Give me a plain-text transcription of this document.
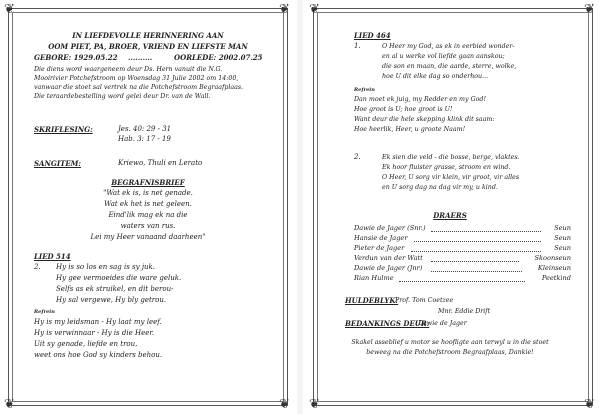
❦	❦
❦	❦
IN LIEFDEVOLLE HERINNERING AAN
OOM PIET, PA, BROER, VRIEND EN LIEFSTE MAN
GEBORE: 1929.05.22 ..........	OORLEDE: 2002.07.25
Die diens word waargeneem deur Ds. Hern vanuit die N.G.
Mooirivier Potchefstroom op Woensdag 31 Julie 2002 om 14:00,
vanwaar die stoet sal vertrek na die Potchefstroom Begraafplaas.
Die teraardebestelling word gelei deur Dr. van de Wall.
SKRIFLESING:	Jes. 40: 29 - 31
Hab. 3: 17 - 19
SANGITEM:	Kriewo, Thuli en Lerato
BEGRAFNISBRIEF
"Wat ek is, is net genade.
Wat ek het is net geleen.
Eind'lik mag ek na die
waters van rus.
Lei my Heer vanaand daarheen"
LIED 514
2. Hy is so los en sag is sy juk.
Hy gee vermoeides die ware geluk.
Selfs as ek struikel, en dit berou-
Hy sal vergewe, Hy bly getrou.
Refrein
Hy is my leidsman - Hy laat my leef.
Hy is verwinnaar - Hy is die Heer.
Uit sy genade, liefde en trou,
weet ons hoe God sy kinders behou.
❦	❦
❦	❦
LIED 464
1.	O Heer my God, as ek in eerbied wonder-
en al u werke vol liefde gaan aanskou;
die son en maan, die aarde, sterre, wolke,
hoe U dit elke dag so onderhou...
Refrein
Dan moet ek juig, my Redder en my God!
Hoe groot is U; hoe groot is U!
Want deur die hele skepping klink dit saam:
Hoe heerlik, Heer, u groote Naam!
2.	Ek sien die veld - die bosse, berge, vlaktes.
Ek hoor fluister grasse, stroom en wind.
O Heer, U sorg vir klein, vir groot, vir alles
en U sorg dag na dag vir my, u kind.
DRAERS
Dawie de Jager (Snr.)	Seun
Hansie de Jager	Seun
Pieter de Jager	Seun
Verdun van der Watt	Skoonseun
Dawie de Jager (Jnr)	Kleinseun
Rian Hulme	Peetkind
HULDEBLYK:
Prof. Tom Coetzee
Mnr. Eddie Drift
BEDANKINGS DEUR:
Dawie de Jager
Skakel asseblief u motor se hoofligte aan terwyl u in die stoet
beweeg na die Potchefstroom Begraafplaas, Dankie!
